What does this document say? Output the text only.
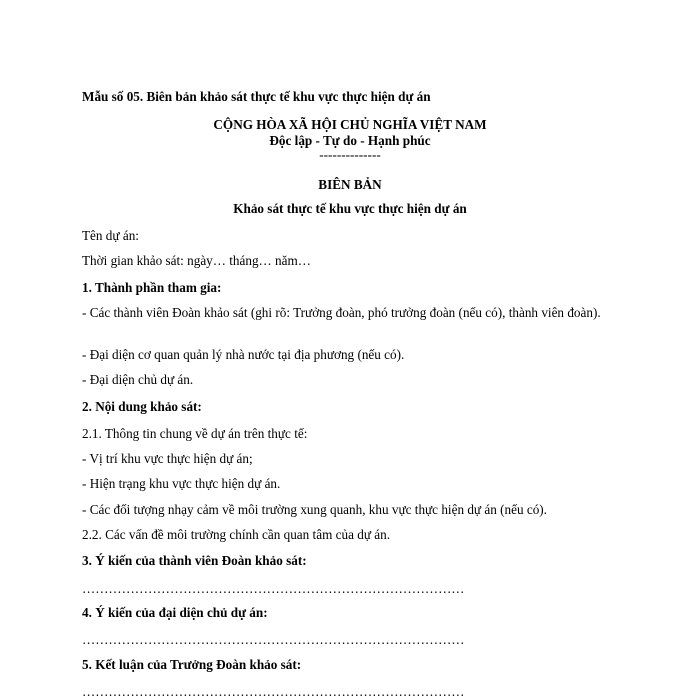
Mẫu số 05. Biên bản khảo sát thực tế khu vực thực hiện dự án
CỘNG HÒA XÃ HỘI CHỦ NGHĨA VIỆT NAM
Độc lập - Tự do - Hạnh phúc
--------------
BIÊN BẢN
Khảo sát thực tế khu vực thực hiện dự án
Tên dự án:
Thời gian khảo sát: ngày… tháng… năm…
1. Thành phần tham gia:
- Các thành viên Đoàn khảo sát (ghi rõ: Trưởng đoàn, phó trưởng đoàn (nếu có), thành viên đoàn).
- Đại diện cơ quan quản lý nhà nước tại địa phương (nếu có).
- Đại diện chủ dự án.
2. Nội dung khảo sát:
2.1. Thông tin chung về dự án trên thực tế:
- Vị trí khu vực thực hiện dự án;
- Hiện trạng khu vực thực hiện dự án.
- Các đối tượng nhạy cảm về môi trường xung quanh, khu vực thực hiện dự án (nếu có).
2.2. Các vấn đề môi trường chính cần quan tâm của dự án.
3. Ý kiến của thành viên Đoàn khảo sát:
……………………………………………………………………………
4. Ý kiến của đại diện chủ dự án:
……………………………………………………………………………
5. Kết luận của Trưởng Đoàn khảo sát:
……………………………………………………………………………
